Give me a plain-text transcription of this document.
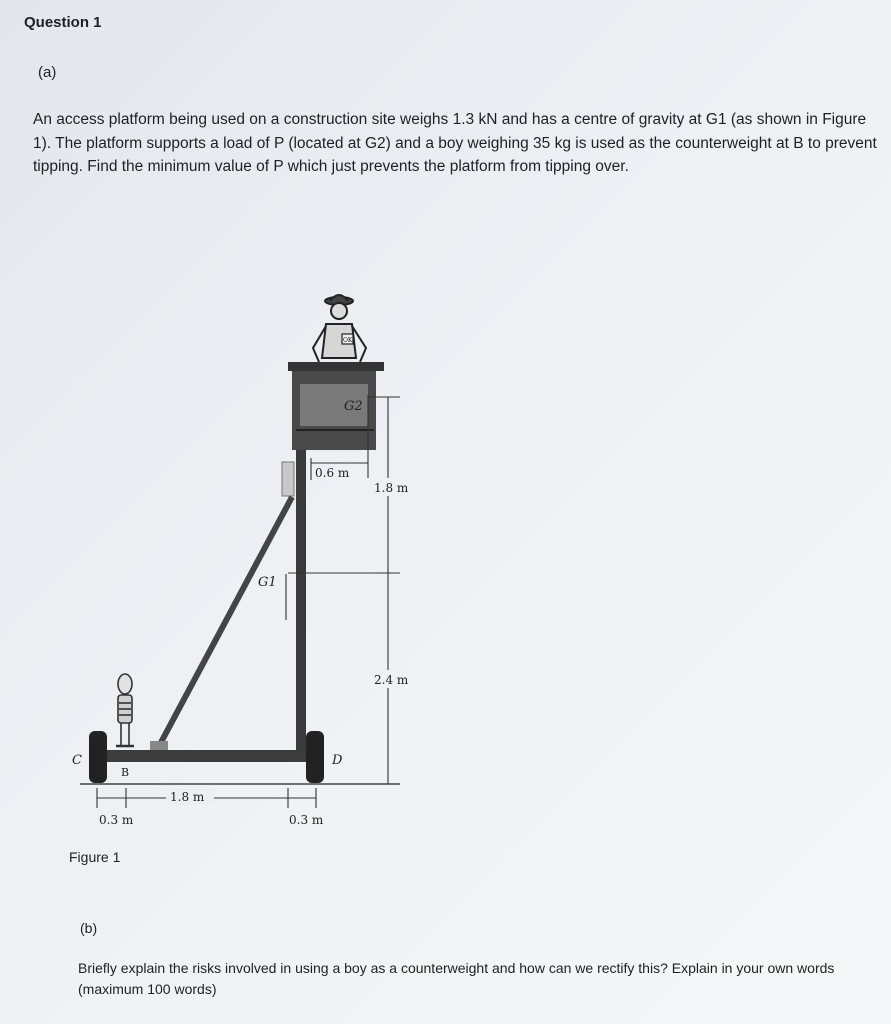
Question 1

(a)

An access platform being used on a construction site weighs 1.3 kN and has a centre of gravity at G1 (as shown in Figure 1). The platform supports a load of P (located at G2) and a boy weighing 35 kg is used as the counterweight at B to prevent tipping. Find the minimum value of P which just prevents the platform from tipping over.

OK
G2
G1
C
B
D
0.6 m
1.8 m
2.4 m
1.8 m
0.3 m	0.3 m

Figure 1

(b)

Briefly explain the risks involved in using a boy as a counterweight and how can we rectify this? Explain in your own words (maximum 100 words)
